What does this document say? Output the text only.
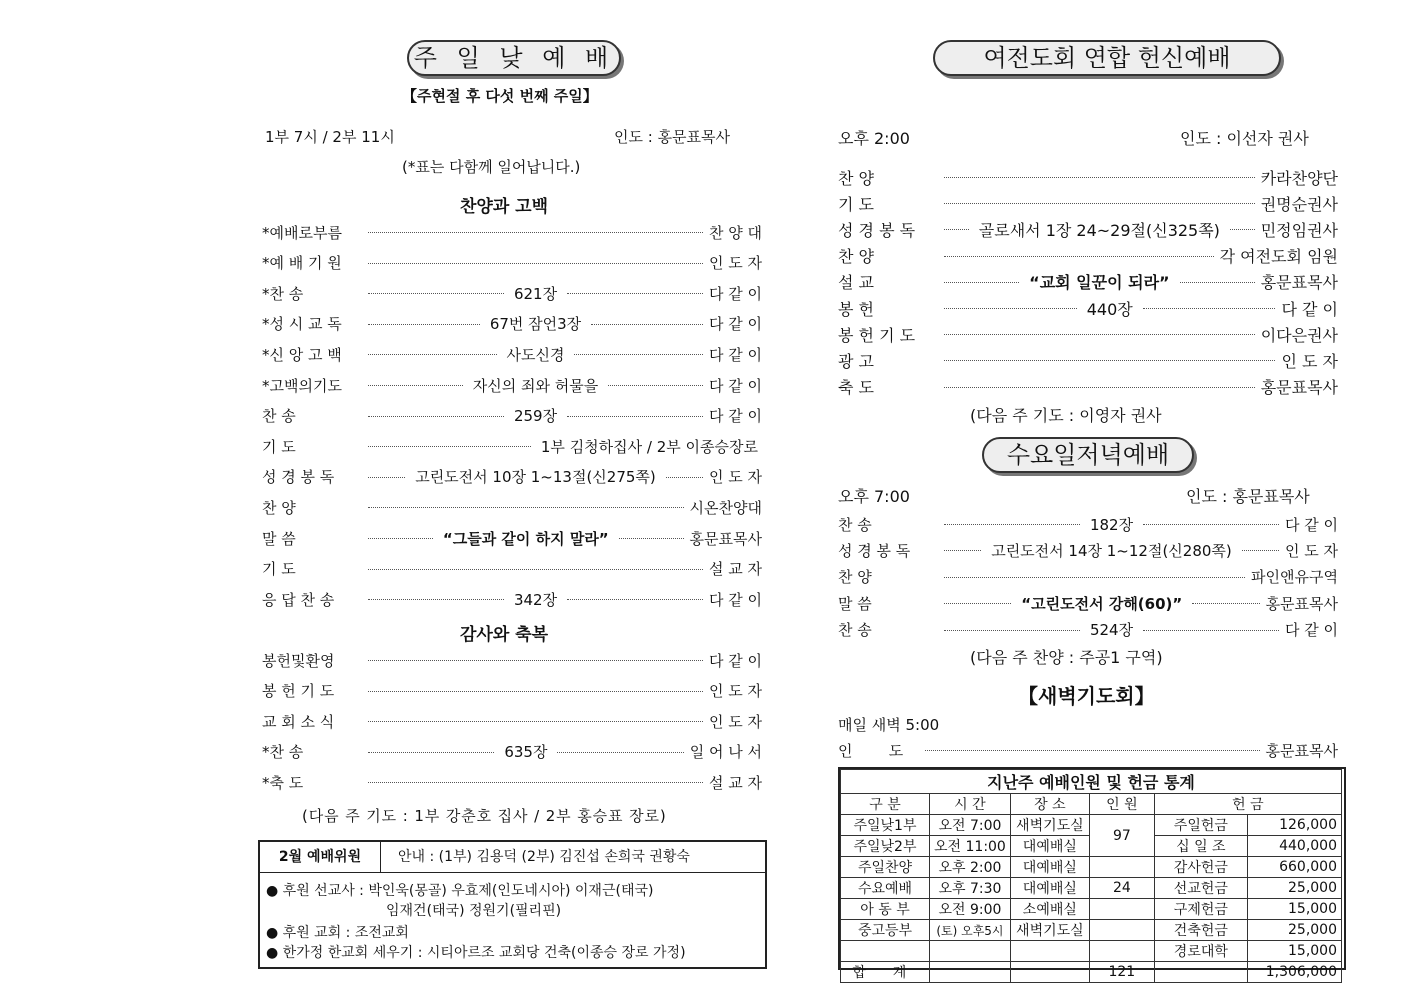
주 일 낮 예 배
【주현절 후 다섯 번째 주일】
1부 7시 / 2부 11시	인도 : 홍문표목사
(*표는 다함께 일어납니다.)
찬양과 고백
*예배로부름	찬 양 대
*예 배 기 원	인 도 자
*찬 송	621장	다 같 이
*성 시 교 독	67번 잠언3장	다 같 이
*신 앙 고 백	사도신경	다 같 이
*고백의기도	자신의 죄와 허물을	다 같 이
찬 송	259장	다 같 이
기 도	1부 김청하집사 / 2부 이종승장로
성 경 봉 독	고린도전서 10장 1~13절(신275쪽)	인 도 자
찬 양	시온찬양대
말 씀	“그들과 같이 하지 말라”	홍문표목사
기 도	설 교 자
응 답 찬 송	342장	다 같 이
감사와 축복
봉헌및환영	다 같 이
봉 헌 기 도	인 도 자
교 회 소 식	인 도 자
*찬 송	635장	일 어 나 서
*축 도	설 교 자
(다음 주 기도 : 1부 강춘호 집사 / 2부 홍승표 장로)
2월 예배위원	안내 : (1부) 김용덕 (2부) 김진섭 손희국 권황숙
● 후원 선교사 : 박인욱(몽골) 우효제(인도네시아) 이재근(태국)
임재건(태국) 정원기(필리핀)
● 후원 교회 : 조전교회
● 한가정 한교회 세우기 : 시티아르조 교회당 건축(이종승 장로 가정)
여전도회 연합 헌신예배
오후 2:00	인도 : 이선자 권사
찬 양	카라찬양단
기 도	권명순권사
성 경 봉 독	골로새서 1장 24~29절(신325쪽)	민정임권사
찬 양	각 여전도회 임원
설 교	“교회 일꾼이 되라”	홍문표목사
봉 헌	440장	다 같 이
봉 헌 기 도	이다은권사
광 고	인 도 자
축 도	홍문표목사
(다음 주 기도 : 이영자 권사
수요일저녁예배
오후 7:00	인도 : 홍문표목사
찬 송	182장	다 같 이
성 경 봉 독	고린도전서 14장 1~12절(신280쪽)	인 도 자
찬 양	파인앤유구역
말 씀	“고린도전서 강해(60)”	홍문표목사
찬 송	524장	다 같 이
(다음 주 찬양 : 주공1 구역)
【새벽기도회】
매일 새벽 5:00
인 도	홍문표목사
지난주 예배인원 및 헌금 통계					
구 분	시 간	장 소	인 원	헌 금	
주일낮1부	오전 7:00	새벽기도실	97	주일헌금	126,000
주일낮2부	오전 11:00	대예배실		십 일 조	440,000
주일찬양	오후 2:00	대예배실		감사헌금	660,000
수요예배	오후 7:30	대예배실	24	선교헌금	25,000
아 동 부	오전 9:00	소예배실		구제헌금	15,000
중고등부	(토) 오후5시	새벽기도실		건축헌금	25,000
				경로대학	15,000
합 계			121		1,306,000
